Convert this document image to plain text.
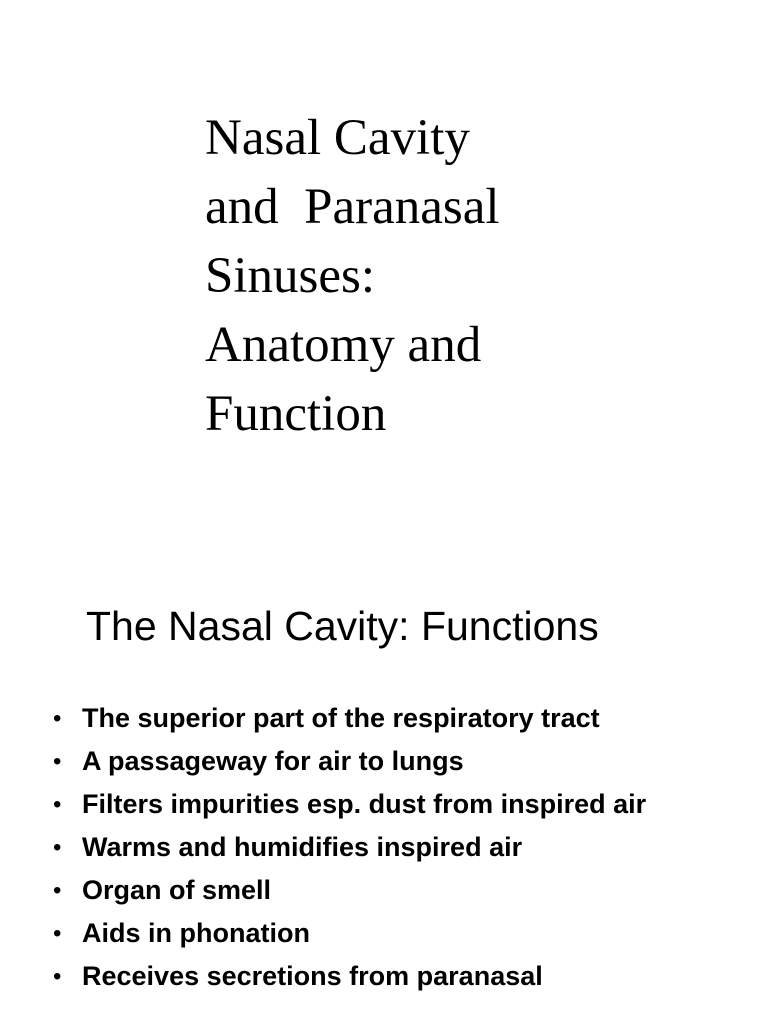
Nasal Cavity
and  Paranasal
Sinuses:
Anatomy and
Function
The Nasal Cavity: Functions
• The superior part of the respiratory tract
• A passageway for air to lungs
• Filters impurities esp. dust from inspired air
• Warms and humidifies inspired air
• Organ of smell
• Aids in phonation
• Receives secretions from paranasal
